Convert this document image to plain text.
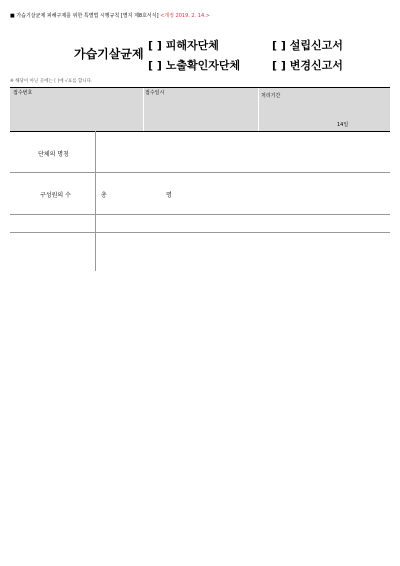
■ 가습기살균제 피해구제를 위한 특별법 시행규칙 [별지 제8호서식] <개정 2019. 2. 14.>
가습기살균제
[ ] 피해자단체
[ ] 노출확인자단체
[ ] 설립신고서
[ ] 변경신고서
※ 해당이 아닌 곳에는 [ ]에 √표를 합니다.
접수번호	접수일시	처리기간
14일
단체의 명칭
구성원의 수	총	명
